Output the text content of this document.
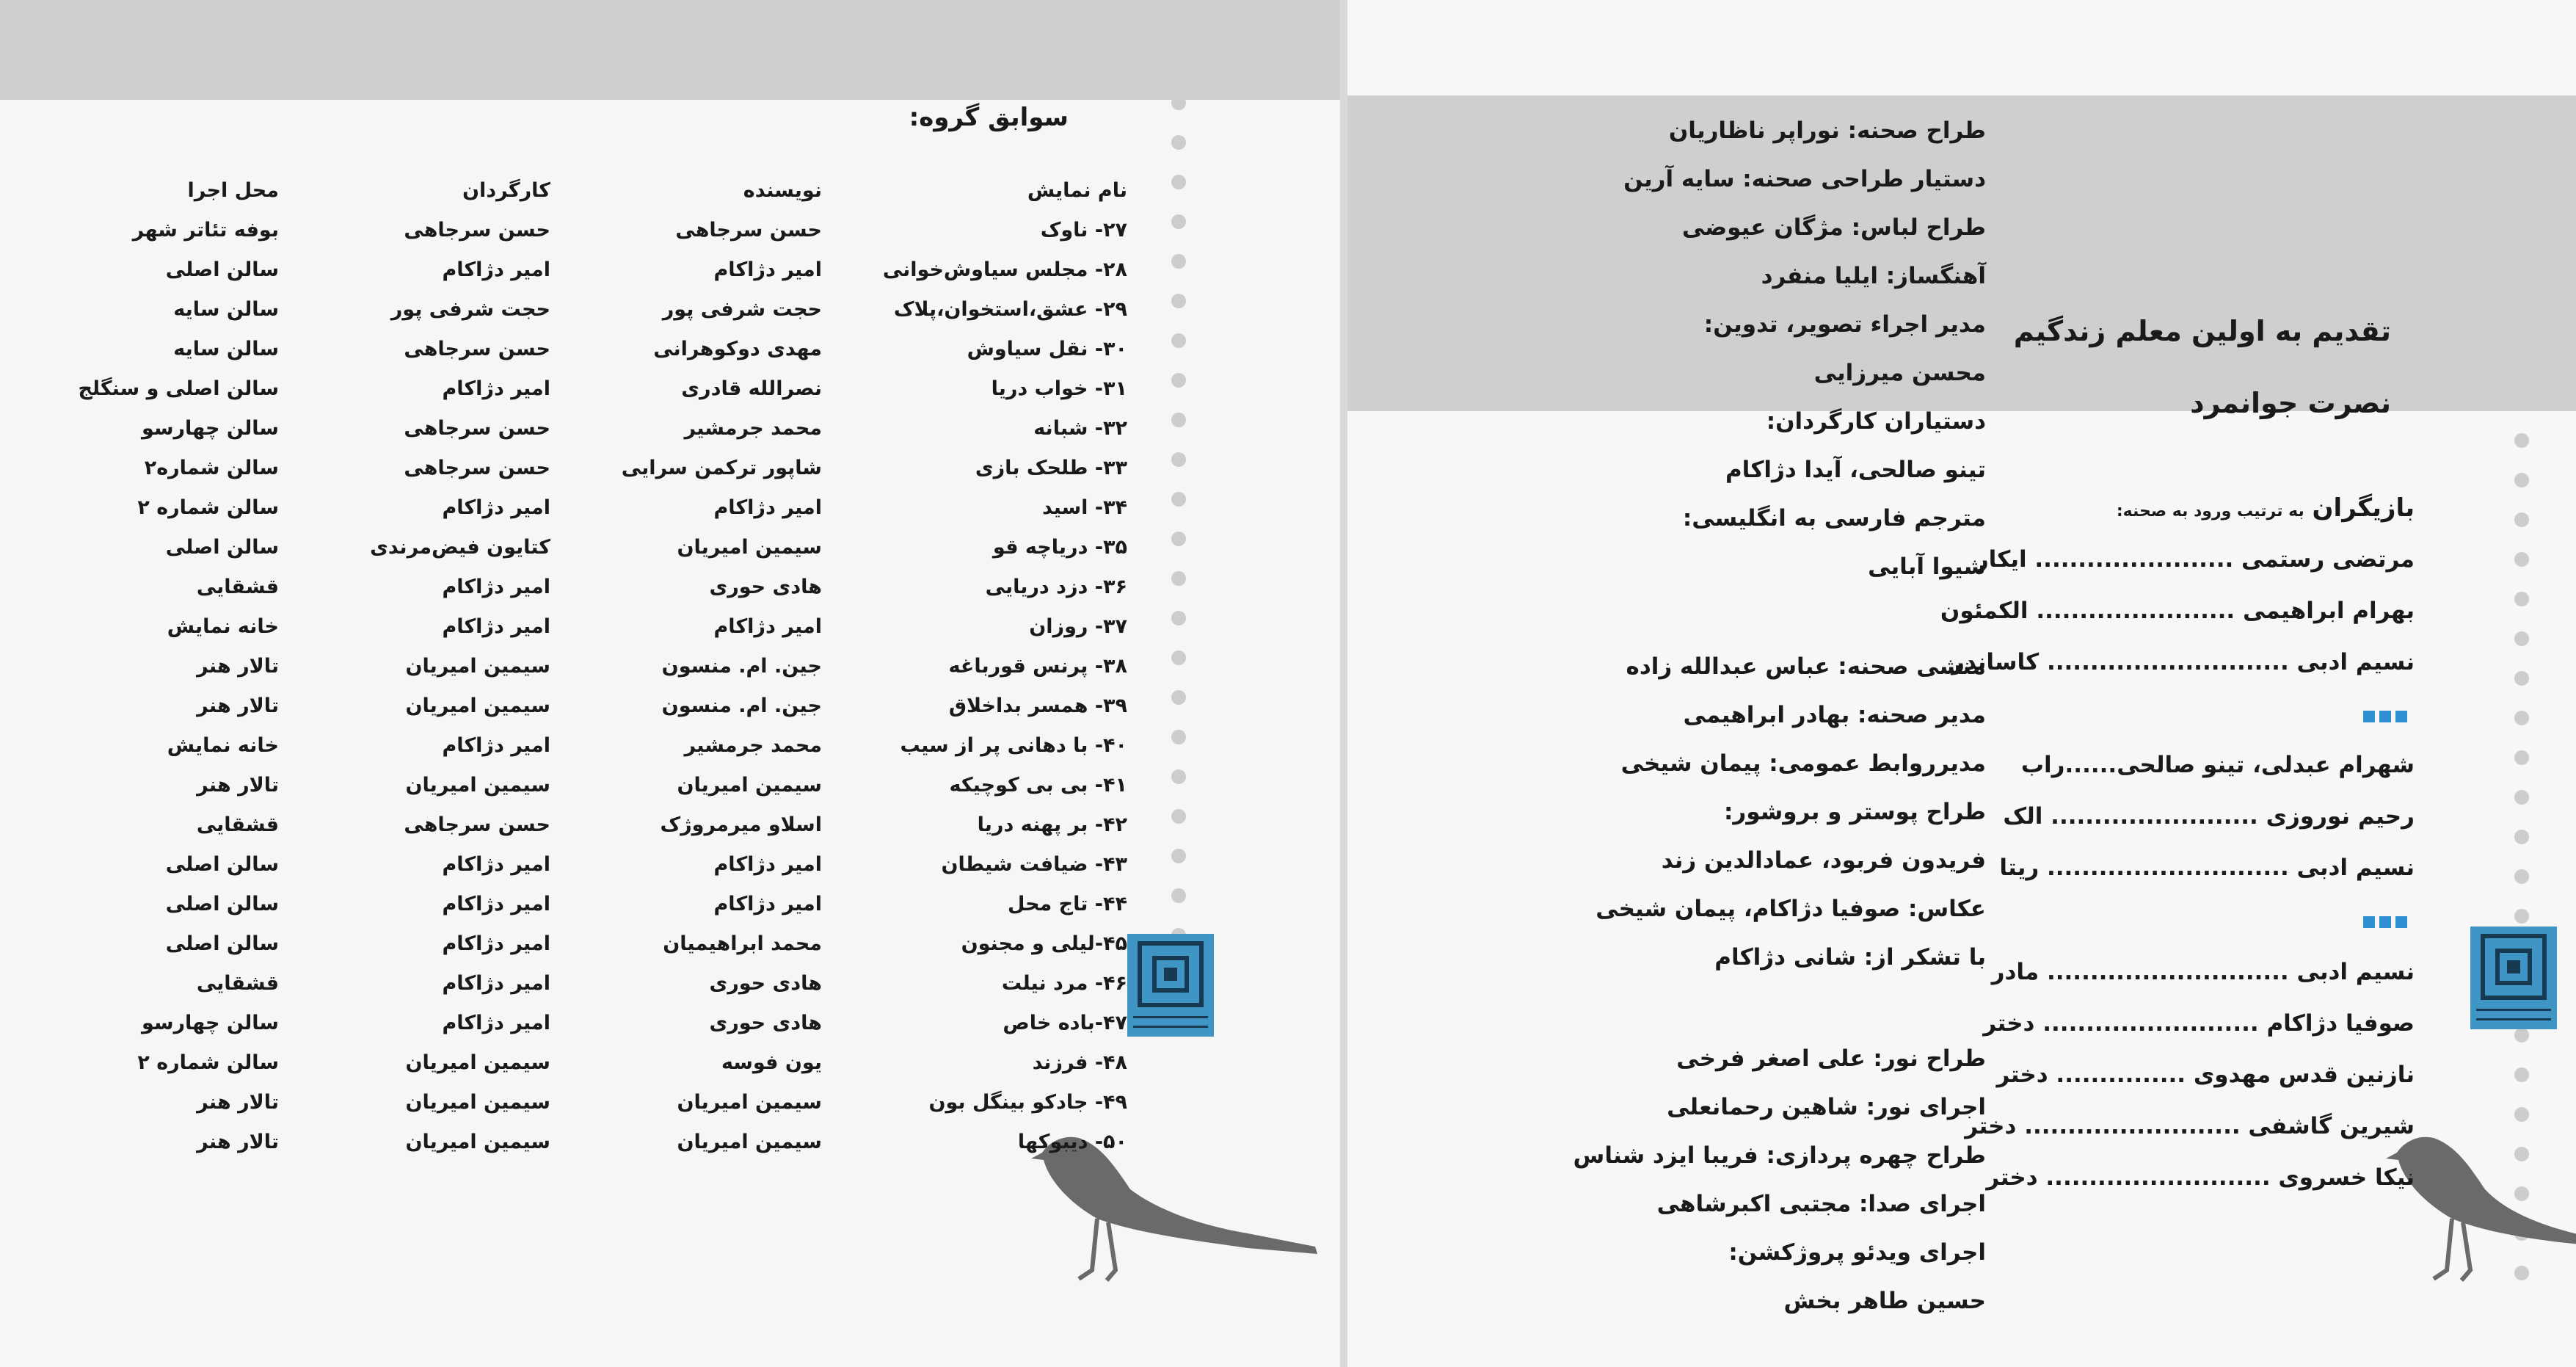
سوابق گروه:
نام نمایش
نویسنده
کارگردان
محل اجرا
۲۷- ناوک
حسن سرجاهی
حسن سرجاهی
بوفه تئاتر شهر
۲۸- مجلس سیاوش‌خوانی
امیر دژاکام
امیر دژاکام
سالن اصلی
۲۹- عشق،استخوان،پلاک
حجت شرفی پور
حجت شرفی پور
سالن سایه
۳۰- نقل سیاوش
مهدی دوکوهرانی
حسن سرجاهی
سالن سایه
۳۱- خواب دریا
نصرالله قادری
امیر دژاکام
سالن اصلی و سنگلج
۳۲- شبانه
محمد جرمشیر
حسن سرجاهی
سالن چهارسو
۳۳- طلحک بازی
شاپور ترکمن سرایی
حسن سرجاهی
سالن شماره۲
۳۴- اسید
امیر دژاکام
امیر دژاکام
سالن شماره ۲
۳۵- دریاچه قو
سیمین امیریان
کتایون فیض‌مرندی
سالن اصلی
۳۶- دزد دریایی
هادی حوری
امیر دژاکام
قشقایی
۳۷- روزان
امیر دژاکام
امیر دژاکام
خانه نمایش
۳۸- پرنس قورباغه
جین. ام. منسون
سیمین امیریان
تالار هنر
۳۹- همسر بداخلاق
جین. ام. منسون
سیمین امیریان
تالار هنر
۴۰- با دهانی پر از سیب
محمد جرمشیر
امیر دژاکام
خانه نمایش
۴۱- بی بی کوچیکه
سیمین امیریان
سیمین امیریان
تالار هنر
۴۲- بر پهنه دریا
اسلاو میرمروژک
حسن سرجاهی
قشقایی
۴۳- ضیافت شیطان
امیر دژاکام
امیر دژاکام
سالن اصلی
۴۴- تاج محل
امیر دژاکام
امیر دژاکام
سالن اصلی
۴۵-لیلی و مجنون
محمد ابراهیمیان
امیر دژاکام
سالن اصلی
۴۶- مرد نیلت
هادی حوری
امیر دژاکام
قشقایی
۴۷-باده خاص
هادی حوری
امیر دژاکام
سالن چهارسو
۴۸- فرزند
یون فوسه
سیمین امیریان
سالن شماره ۲
۴۹- جادکو بینگل بون
سیمین امیریان
سیمین امیریان
تالار هنر
۵۰- دیبوکها
سیمین امیریان
سیمین امیریان
تالار هنر
طراح صحنه: نوراپر ناظاریان
دستیار طراحی صحنه: سایه آرین
طراح لباس: مژگان عیوضی
آهنگساز: ایلیا منفرد
مدیر اجراء تصویر، تدوین:
محسن میرزایی
دستیاران کارگردان:
تینو صالحی، آیدا دژاکام
مترجم فارسی به انگلیسی:
شیوا آبایی
منشی صحنه: عباس عبدالله زاده
مدیر صحنه: بهادر ابراهیمی
مدیرروابط عمومی: پیمان شیخی
طراح پوستر و بروشور:
فریدون فربود، عمادالدین زند
عکاس: صوفیا دژاکام، پیمان شیخی
با تشکر از: شانی دژاکام
طراح نور: علی اصغر فرخی
اجرای نور: شاهین رحمانعلی
طراح چهره پردازی: فریبا ایزد شناس
اجرای صدا: مجتبی اکبرشاهی
اجرای ویدئو پروژکشن:
حسین طاهر بخش
تقدیم به اولین معلم زندگیم
نصرت جوانمرد
بازیگران به ترتیب ورود به صحنه:
مرتضی رستمی ....................... ایکار
بهرام ابراهیمی ....................... الکمئون
نسیم ادبی ............................ کاساندر
شهرام عبدلی، تینو صالحی......راب
رحیم نوروزی ........................ الک
نسیم ادبی ............................ ریتا
نسیم ادبی ............................ مادر
صوفیا دژاکام ......................... دختر
نازنین قدس مهدوی ............... دختر
شیرین گاشفی ......................... دختر
نیکا خسروی .......................... دختر
